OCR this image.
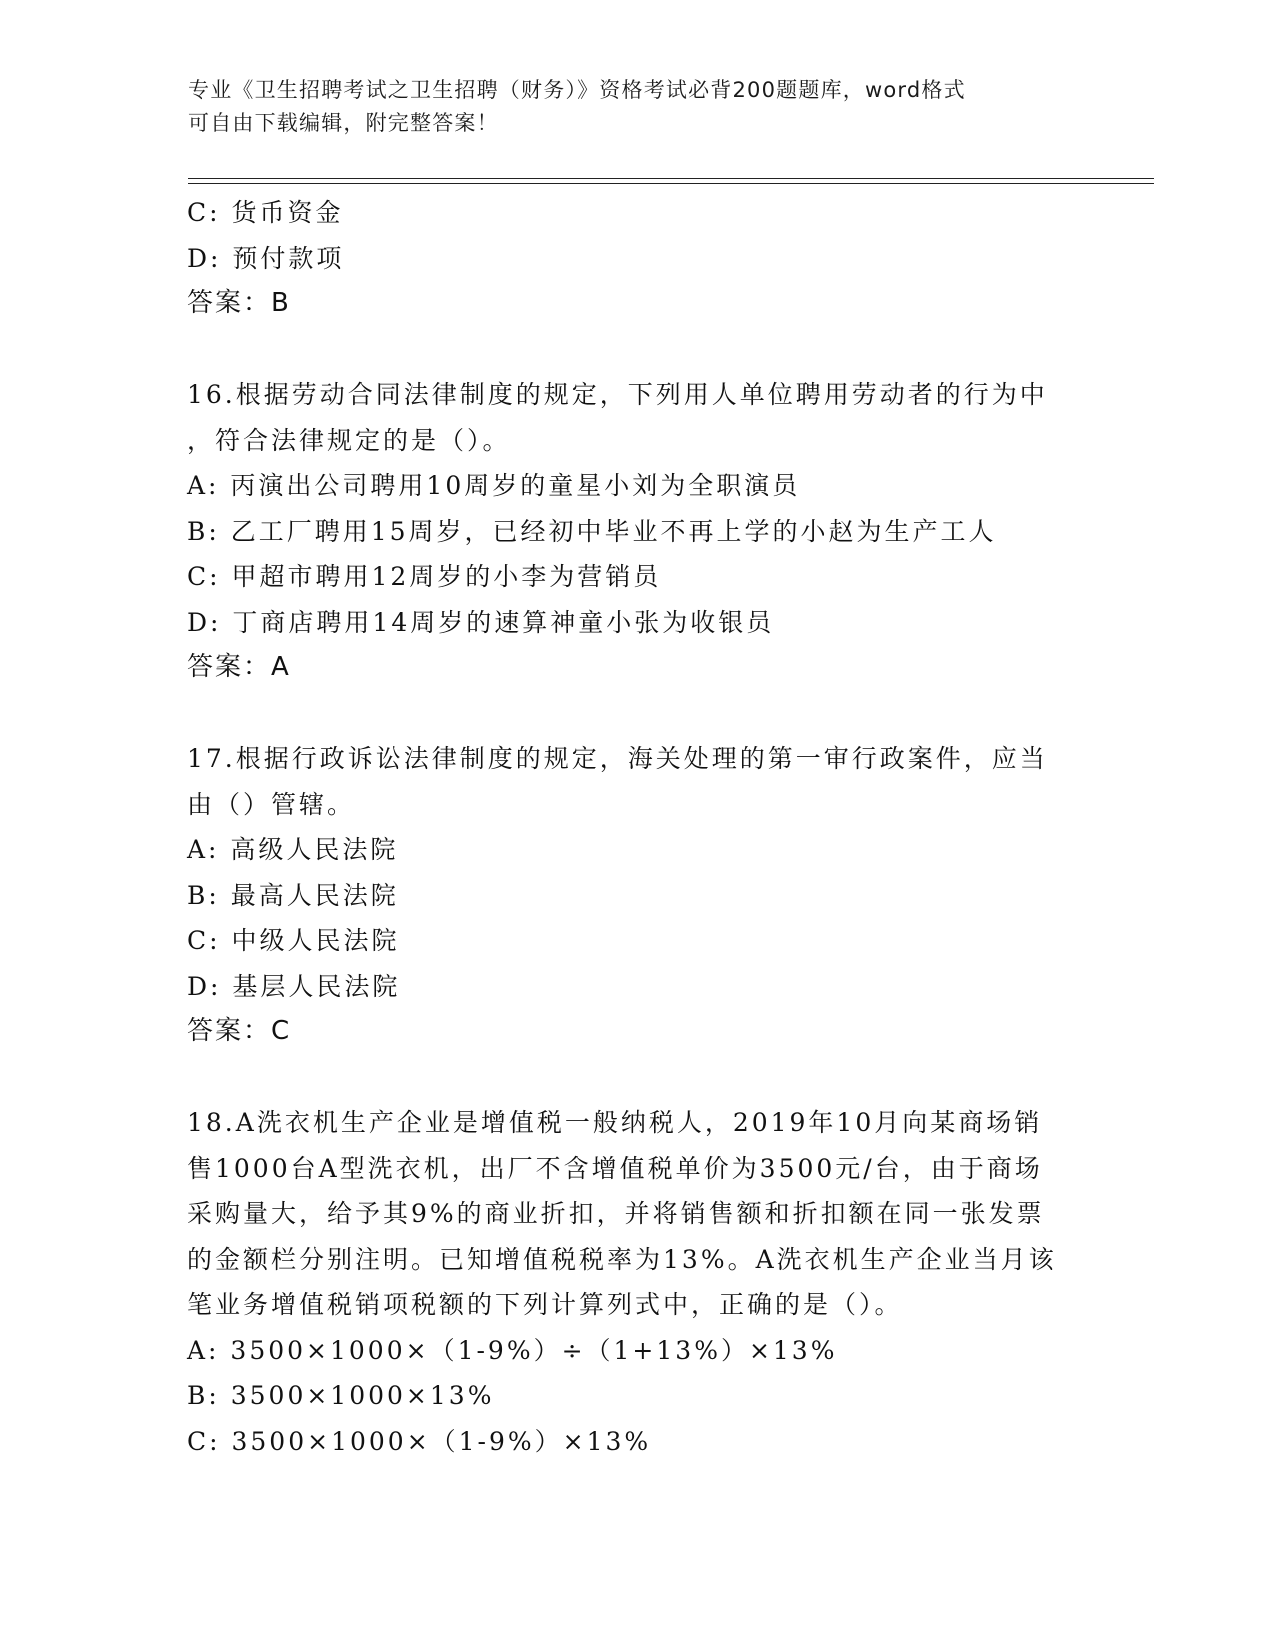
专业《卫生招聘考试之卫生招聘（财务）》资格考试必背200题题库，word格式
可自由下载编辑，附完整答案！
C: 货币资金
D: 预付款项
答案：B
16.根据劳动合同法律制度的规定，下列用人单位聘用劳动者的行为中
，符合法律规定的是（）。
A: 丙演出公司聘用10周岁的童星小刘为全职演员
B: 乙工厂聘用15周岁，已经初中毕业不再上学的小赵为生产工人
C: 甲超市聘用12周岁的小李为营销员
D: 丁商店聘用14周岁的速算神童小张为收银员
答案：A
17.根据行政诉讼法律制度的规定，海关处理的第一审行政案件，应当
由（）管辖。
A: 高级人民法院
B: 最高人民法院
C: 中级人民法院
D: 基层人民法院
答案：C
18.A洗衣机生产企业是增值税一般纳税人，2019年10月向某商场销
售1000台A型洗衣机，出厂不含增值税单价为3500元/台，由于商场
采购量大，给予其9%的商业折扣，并将销售额和折扣额在同一张发票
的金额栏分别注明。已知增值税税率为13%。A洗衣机生产企业当月该
笔业务增值税销项税额的下列计算列式中，正确的是（）。
A: 3500×1000×（1-9%）÷（1+13%）×13%
B: 3500×1000×13%
C: 3500×1000×（1-9%）×13%
